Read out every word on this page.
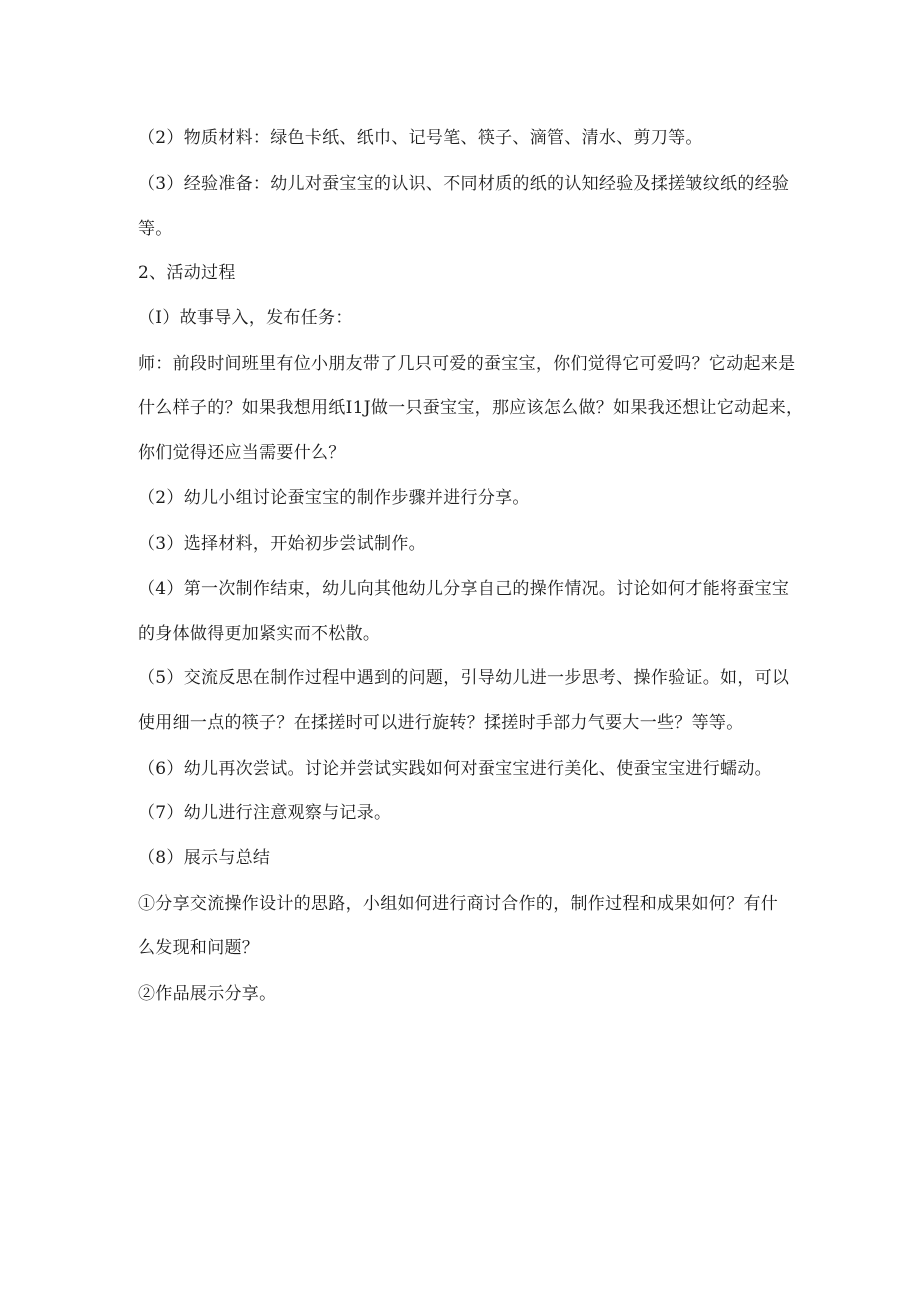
（2）物质材料：绿色卡纸、纸巾、记号笔、筷子、滴管、清水、剪刀等。
（3）经验准备：幼儿对蚕宝宝的认识、不同材质的纸的认知经验及揉搓皱纹纸的经验
等。
2、活动过程
（I）故事导入，发布任务：
师：前段时间班里有位小朋友带了几只可爱的蚕宝宝，你们觉得它可爱吗？它动起来是
什么样子的？如果我想用纸I1J做一只蚕宝宝，那应该怎么做？如果我还想让它动起来，
你们觉得还应当需要什么？
（2）幼儿小组讨论蚕宝宝的制作步骤并进行分享。
（3）选择材料，开始初步尝试制作。
（4）第一次制作结束，幼儿向其他幼儿分享自己的操作情况。讨论如何才能将蚕宝宝
的身体做得更加紧实而不松散。
（5）交流反思在制作过程中遇到的问题，引导幼儿进一步思考、操作验证。如，可以
使用细一点的筷子？在揉搓时可以进行旋转？揉搓时手部力气要大一些？等等。
（6）幼儿再次尝试。讨论并尝试实践如何对蚕宝宝进行美化、使蚕宝宝进行蠕动。
（7）幼儿进行注意观察与记录。
（8）展示与总结
①分享交流操作设计的思路，小组如何进行商讨合作的，制作过程和成果如何？有什
么发现和问题？
②作品展示分享。
